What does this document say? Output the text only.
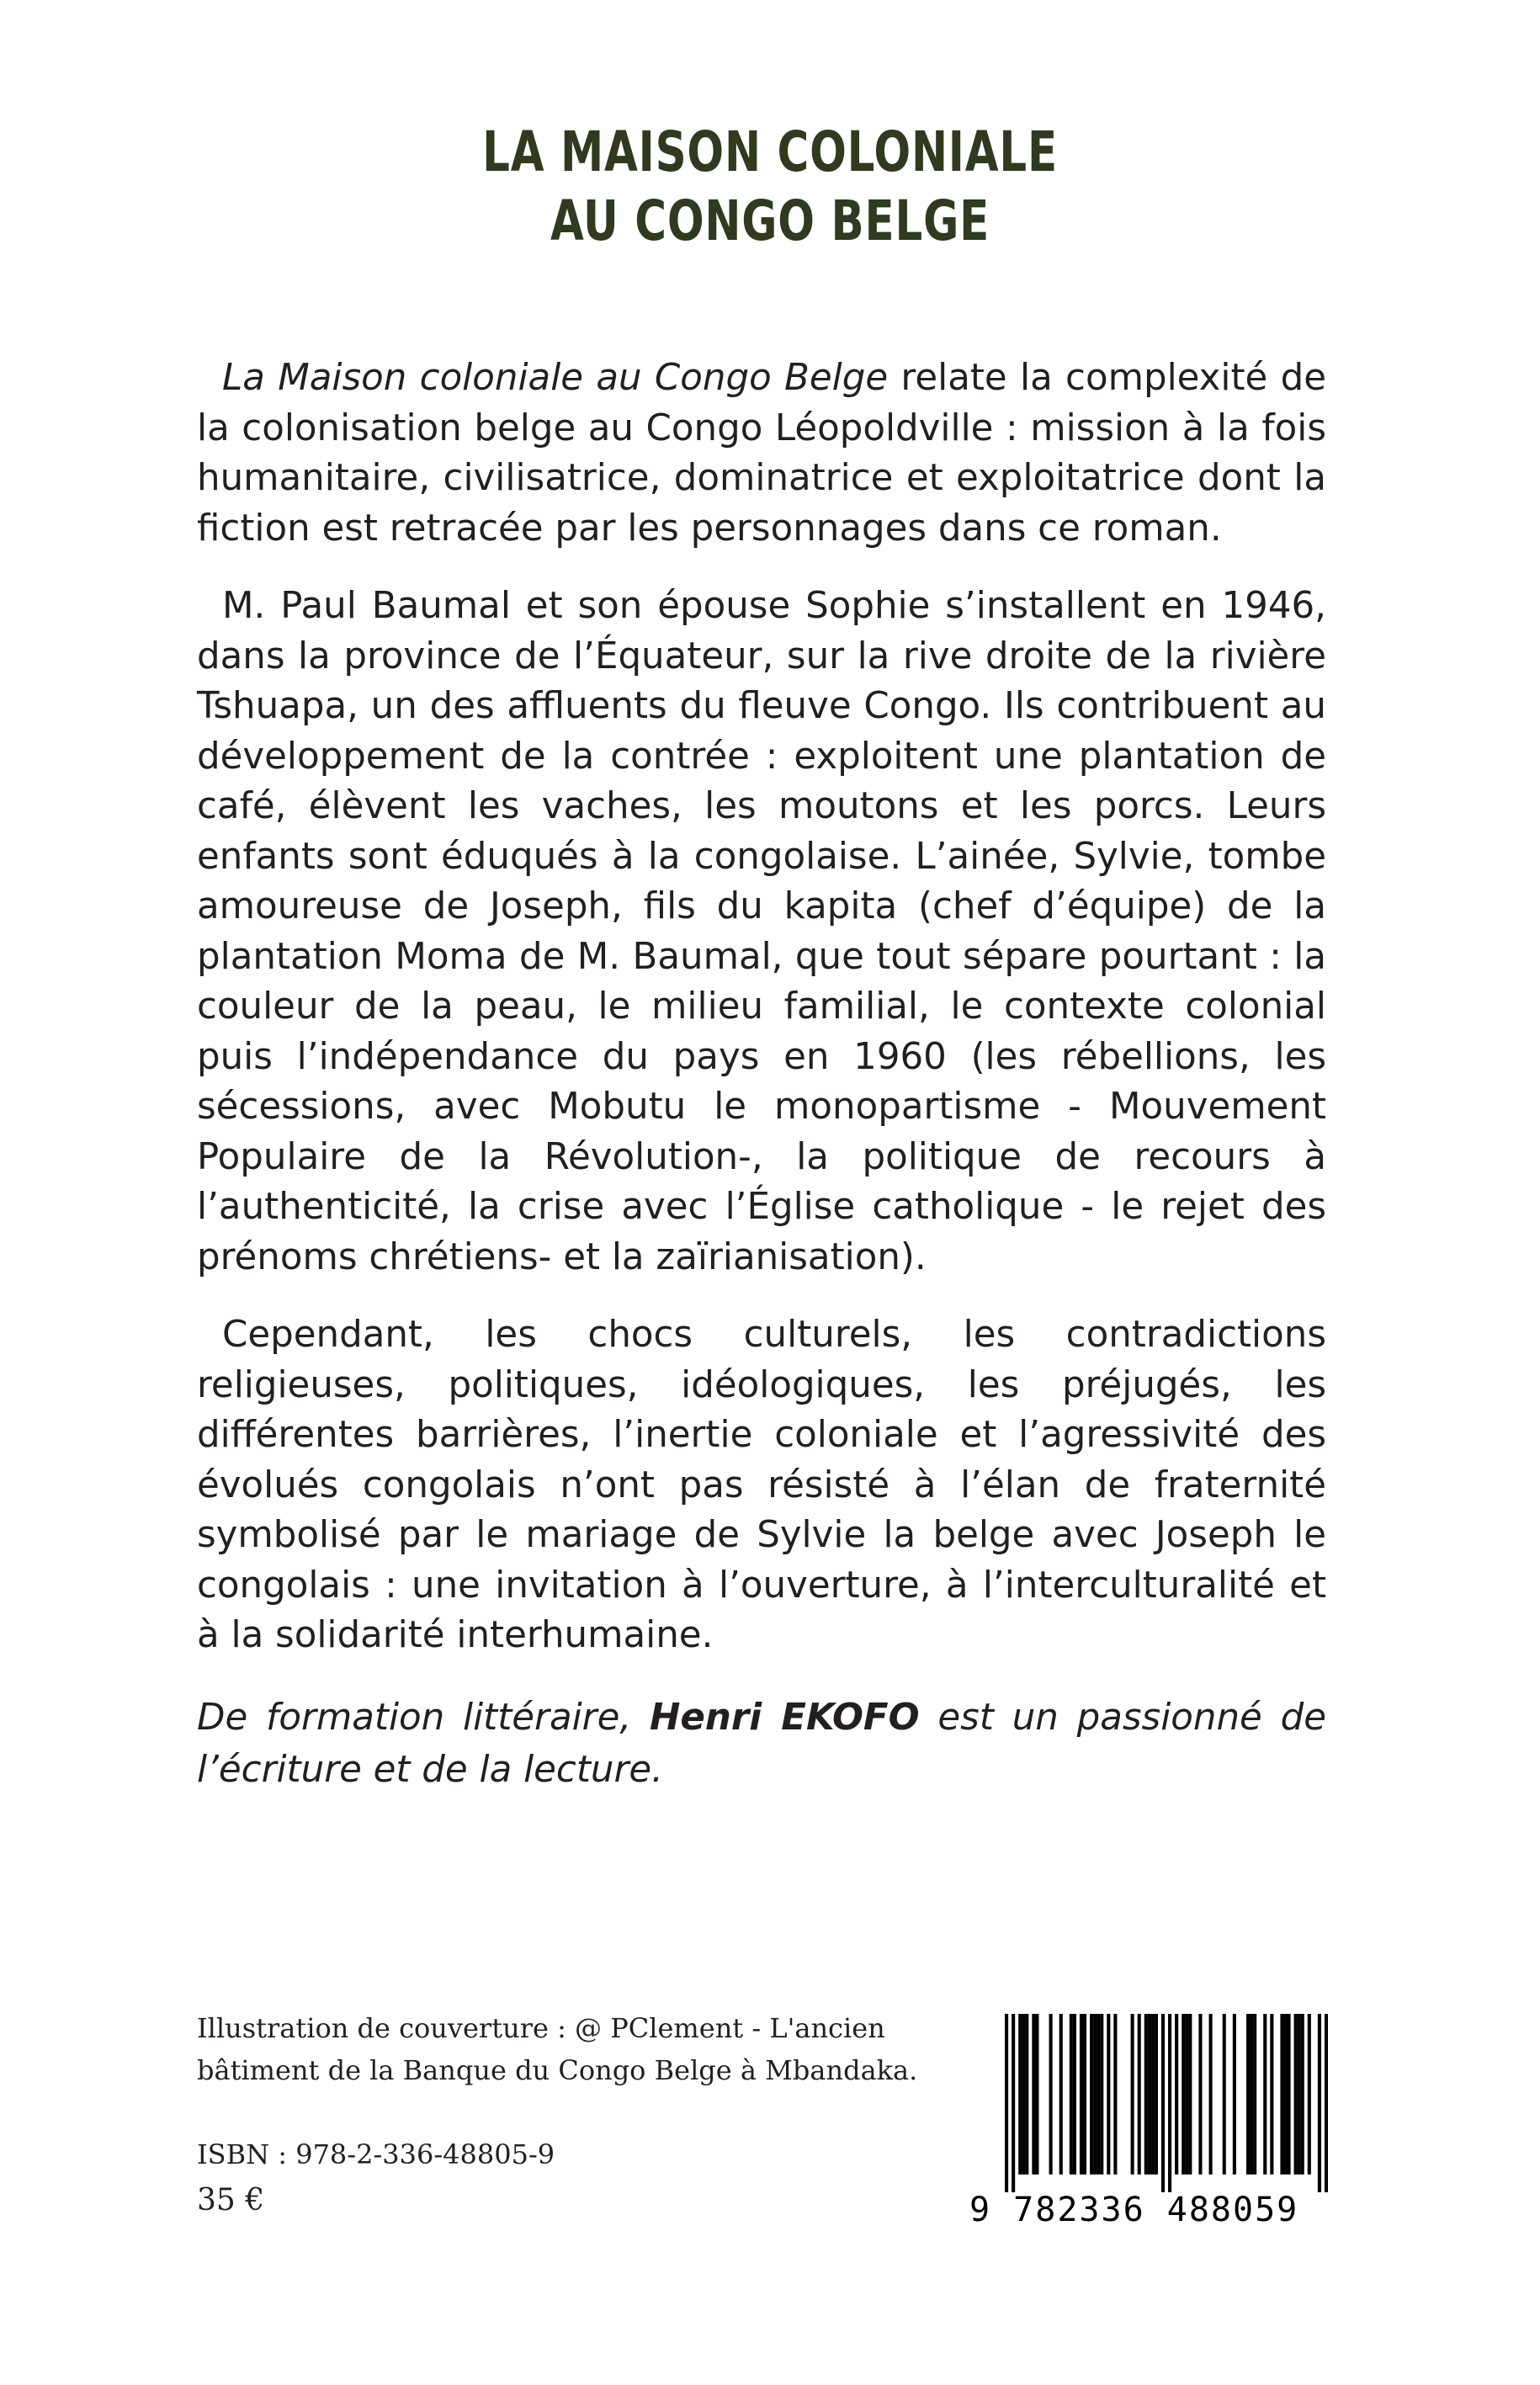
LA MAISON COLONIALE
AU CONGO BELGE

La Maison coloniale au Congo Belge relate la complexité de la colonisation belge au Congo Léopoldville : mission à la fois humanitaire, civilisatrice, dominatrice et exploitatrice dont la fiction est retracée par les personnages dans ce roman.

M. Paul Baumal et son épouse Sophie s’installent en 1946, dans la province de l’Équateur, sur la rive droite de la rivière Tshuapa, un des affluents du fleuve Congo. Ils contribuent au développement de la contrée : exploitent une plantation de café, élèvent les vaches, les moutons et les porcs. Leurs enfants sont éduqués à la congolaise. L’ainée, Sylvie, tombe amoureuse de Joseph, fils du kapita (chef d’équipe) de la plantation Moma de M. Baumal, que tout sépare pourtant : la couleur de la peau, le milieu familial, le contexte colonial puis l’indépendance du pays en 1960 (les rébellions, les sécessions, avec Mobutu le monopartisme - Mouvement Populaire de la Révolution-, la politique de recours à l’authenticité, la crise avec l’Église catholique - le rejet des prénoms chrétiens- et la zaïrianisation).

Cependant, les chocs culturels, les contradictions religieuses, politiques, idéologiques, les préjugés, les différentes barrières, l’inertie coloniale et l’agressivité des évolués congolais n’ont pas résisté à l’élan de fraternité symbolisé par le mariage de Sylvie la belge avec Joseph le congolais : une invitation à l’ouverture, à l’interculturalité et à la solidarité interhumaine.

De formation littéraire, Henri EKOFO est un passionné de l’écriture et de la lecture.
Illustration de couverture : @ PClement - L'ancien
bâtiment de la Banque du Congo Belge à Mbandaka.
ISBN : 978-2-336-48805-9
35 €	9 782336 488059
